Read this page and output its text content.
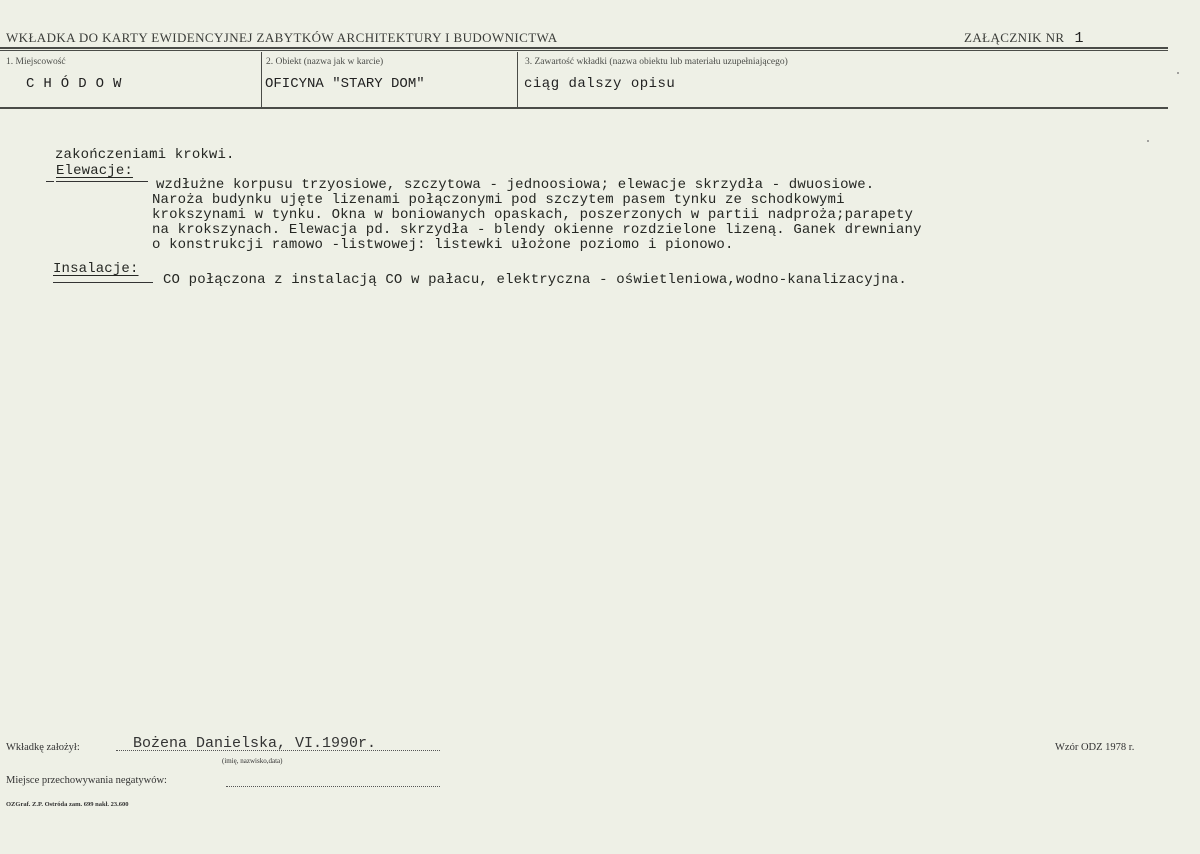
WKŁADKA DO KARTY EWIDENCYJNEJ ZABYTKÓW ARCHITEKTURY I BUDOWNICTWA	ZAŁĄCZNIK NR 1
1. Miejscowość
CHÓDOW
2. Obiekt (nazwa jak w karcie)
OFICYNA "STARY DOM"
3. Zawartość wkładki (nazwa obiektu lub materiału uzupełniającego)
ciąg dalszy opisu
zakończeniami krokwi.
Elewacje:
wzdłużne korpusu trzyosiowe, szczytowa - jednoosiowa; elewacje skrzydła - dwuosiowe.
Naroża budynku ujęte lizenami połączonymi pod szczytem pasem tynku ze schodkowymi
krokszynami w tynku. Okna w boniowanych opaskach, poszerzonych w partii nadproża;parapety
na krokszynach. Elewacja pd. skrzydła - blendy okienne rozdzielone lizeną. Ganek drewniany
o konstrukcji ramowo -listwowej: listewki ułożone poziomo i pionowo.
Insalacje:
CO połączona z instalacją CO w pałacu, elektryczna - oświetleniowa,wodno-kanalizacyjna.
Wkładkę założył:	Bożena Danielska, VI.1990r.
(imię, nazwisko,data)
Miejsce przechowywania negatywów:
OZGraf. Z.P. Ostróda zam. 699 nakł. 23.600
Wzór ODZ 1978 r.
